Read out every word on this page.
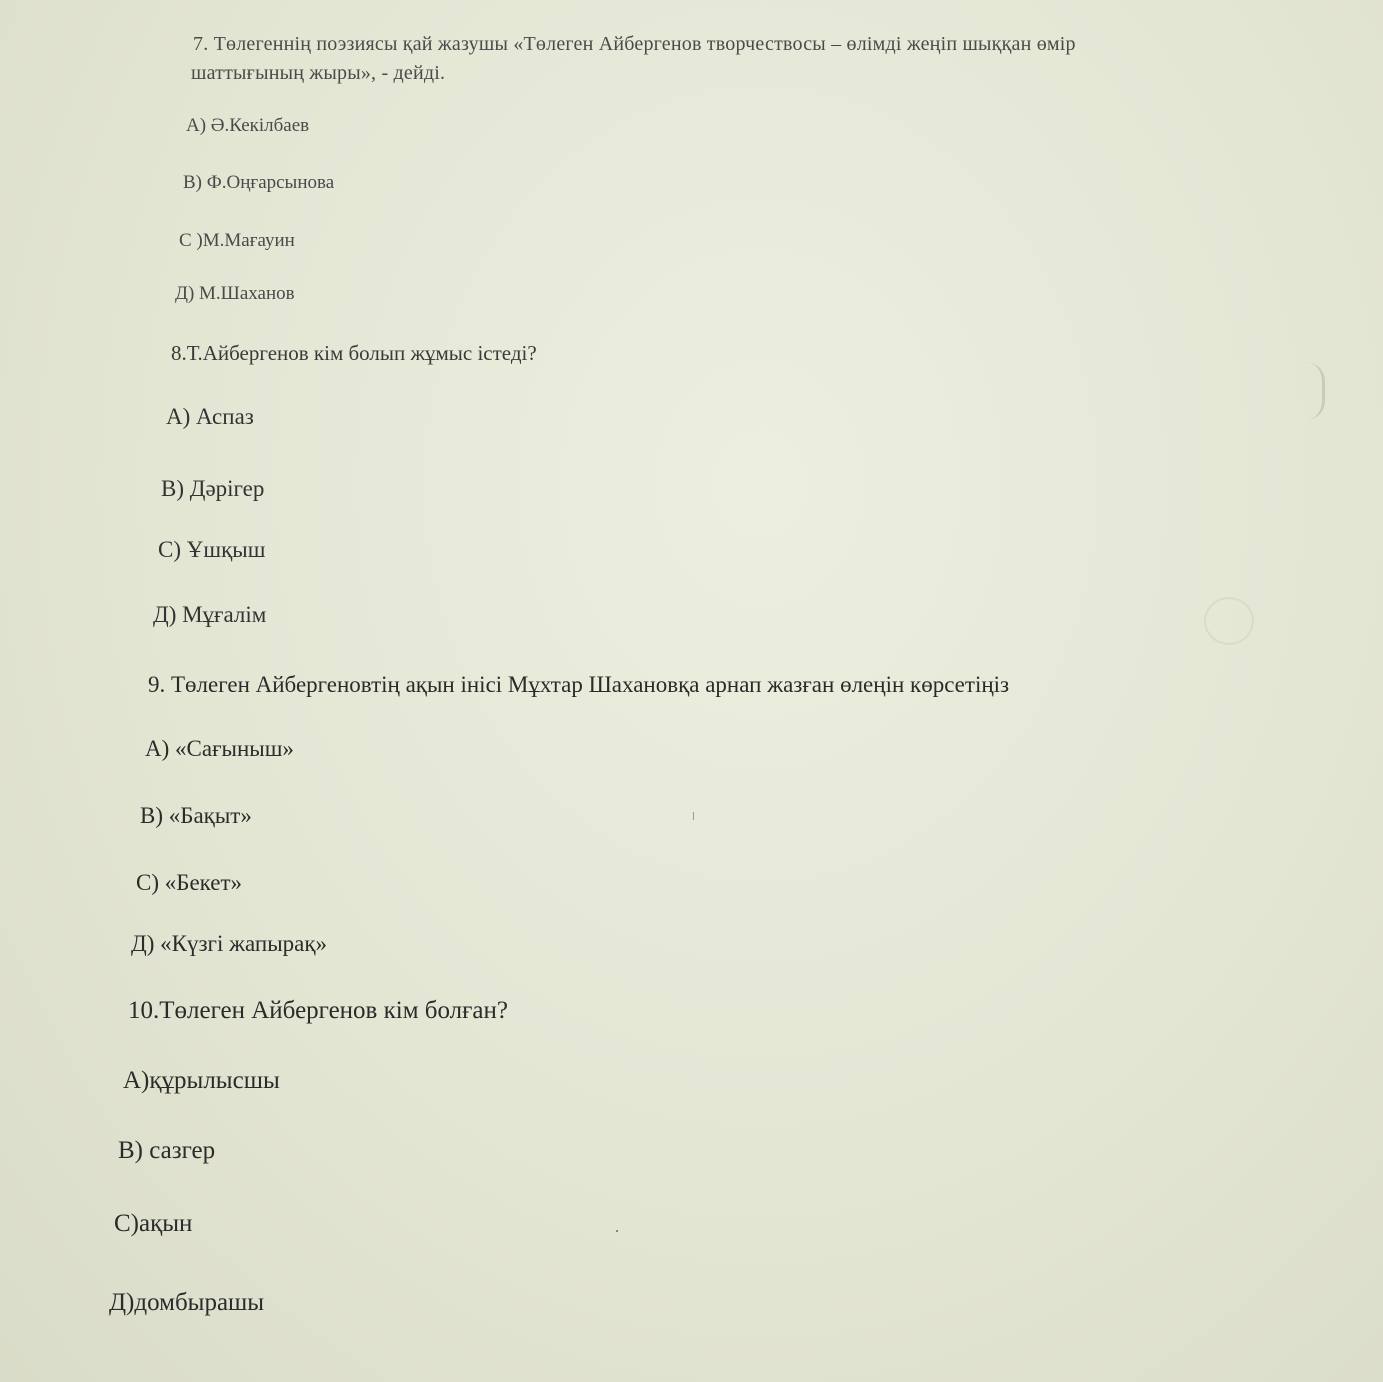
7. Төлегеннің поэзиясы қай жазушы «Төлеген Айбергенов творчествосы – өлімді жеңіп шыққан өмір
шаттығының жыры», - дейді.
А) Ә.Кекілбаев
В) Ф.Оңғарсынова
С )М.Мағауин
Д) М.Шаханов
8.Т.Айбергенов кім болып жұмыс істеді?
А) Аспаз
В) Дәрігер
С) Ұшқыш
Д) Мұғалім
9. Төлеген Айбергеновтің ақын інісі Мұхтар Шахановқа арнап жазған өлеңін көрсетіңіз
А) «Сағыныш»
В) «Бақыт»
С) «Бекет»
Д) «Күзгі жапырақ»
10.Төлеген Айбергенов кім болған?
А)құрылысшы
В) сазгер
С)ақын
Д)домбырашы
